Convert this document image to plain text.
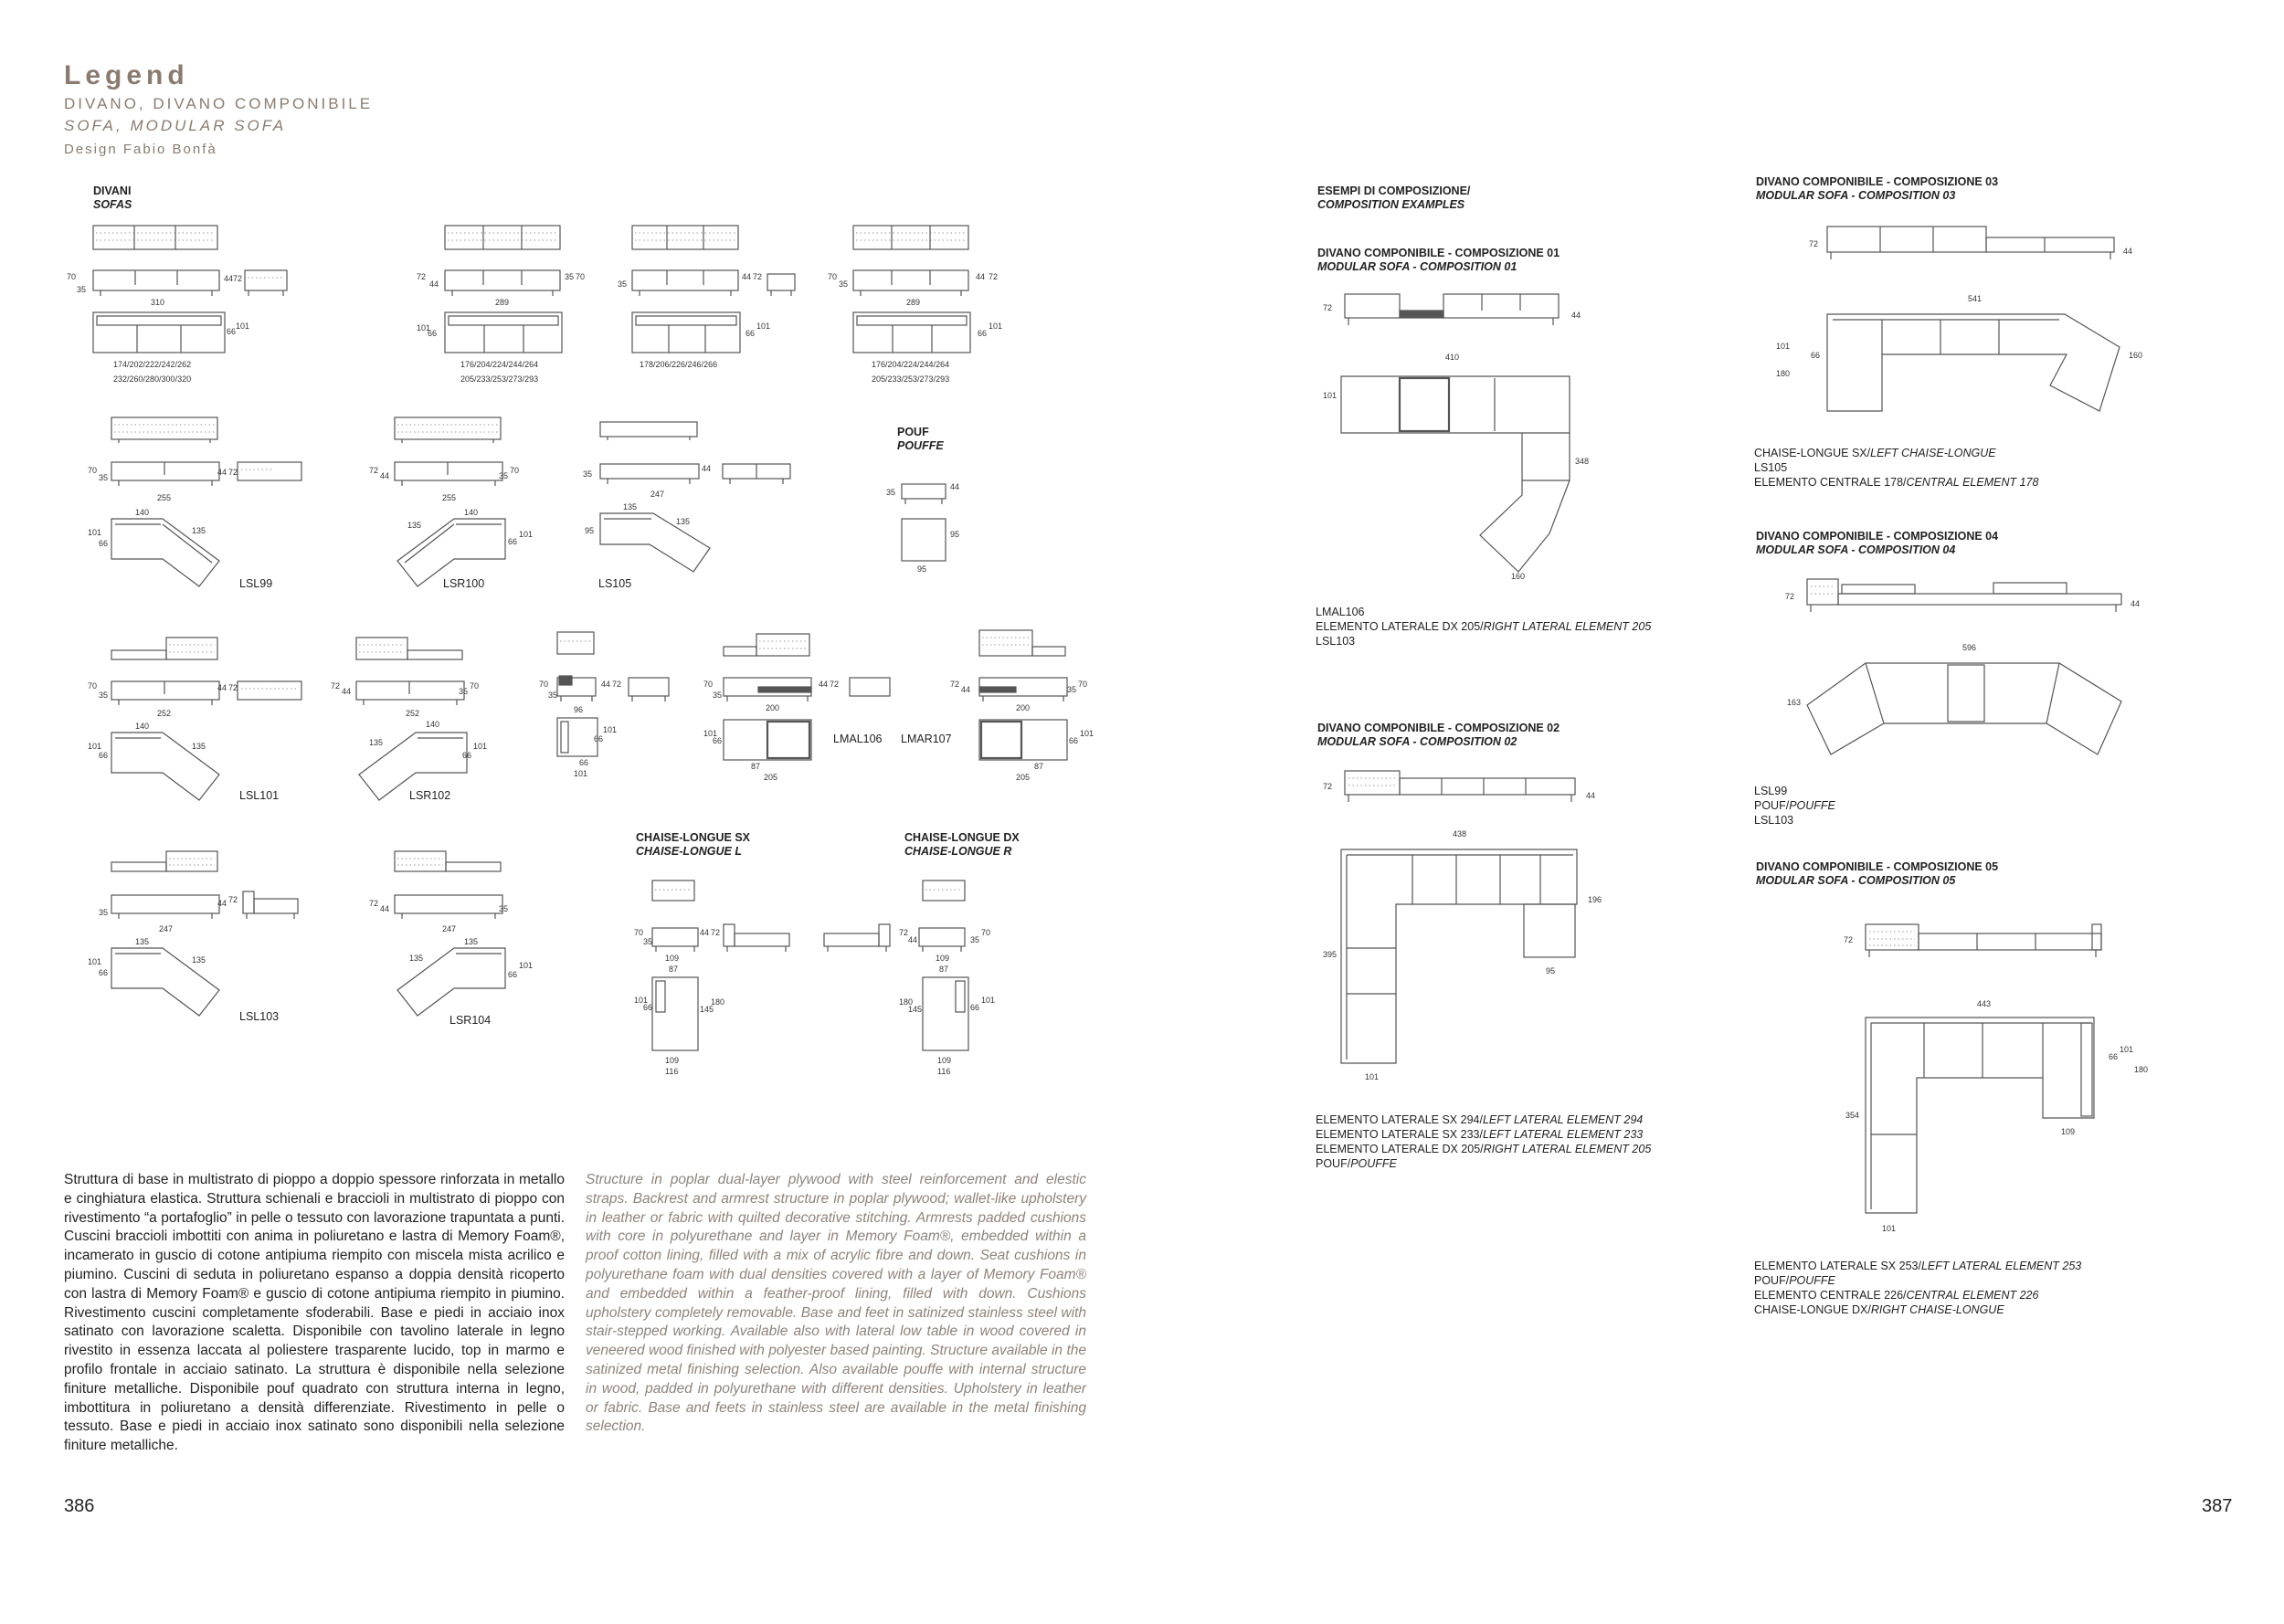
Legend
DIVANO, DIVANO COMPONIBILE
SOFA, MODULAR SOFA
Design Fabio Bonfà
DIVANI
SOFAS
70
35
44 72
310
66
101
174/202/222/242/262
232/260/280/300/320
72
44
35 70
289
101
66
176/204/224/244/264
205/233/253/273/293
35
44 72
66
101
178/206/226/246/266
70
35
44 72
289
66
101
176/204/224/244/264
205/233/253/273/293
70
35
44 72
255
140
135
101
66
LSL99
72
44	35
70
255
140
135
66
101
LSR100
35
44
247
135
135
95
LS105
POUF
POUFFE
35
44
95
95
70
35
44 72
252
140
135
101
66
LSL101
72
44	35
70
252
140
135
66
101
LSR102
70
35
44 72
96
101
66
66
101
70
35
44 72
200
101
66
87
205
LMAL106 LMAR107
72
44	35
70
200
66
101
87
205
35
44 72
247
135
135
101
66
LSL103
72
44	35
247
135
135
66
101
LSR104
CHAISE-LONGUE SX
CHAISE-LONGUE L
70
35
44 72
109
87
101
66	145
180
109
116
CHAISE-LONGUE DX
CHAISE-LONGUE R
72
44	35
70
109
87
180
145	66
101
109
116
Struttura di base in multistrato di pioppo a doppio spessore rinforzata in metallo e cinghiatura elastica. Struttura schienali e braccioli in multistrato di pioppo con rivestimento “a portafoglio” in pelle o tessuto con lavorazione trapuntata a punti. Cuscini braccioli imbottiti con anima in poliuretano e lastra di Memory Foam®, incamerato in guscio di cotone antipiuma riempito con miscela mista acrilico e piumino. Cuscini di seduta in poliuretano espanso a doppia densità ricoperto con lastra di Memory Foam® e guscio di cotone antipiuma riempito in piumino. Rivestimento cuscini completamente sfoderabili. Base e piedi in acciaio inox satinato con lavorazione scaletta. Disponibile con tavolino laterale in legno rivestito in essenza laccata al poliestere trasparente lucido, top in marmo e profilo frontale in acciaio satinato. La struttura è disponibile nella selezione finiture metalliche. Disponibile pouf quadrato con struttura interna in legno, imbottitura in poliuretano a densità differenziate. Rivestimento in pelle o tessuto. Base e piedi in acciaio inox satinato sono disponibili nella selezione finiture metalliche.
Structure in poplar dual-layer plywood with steel reinforcement and elestic straps. Backrest and armrest structure in poplar plywood; wallet-like upholstery in leather or fabric with quilted decorative stitching. Armrests padded cushions with core in polyurethane and layer in Memory Foam®, embedded within a proof cotton lining, filled with a mix of acrylic fibre and down. Seat cushions in polyurethane foam with dual densities covered with a layer of Memory Foam® and embedded within a feather-proof lining, filled with down. Cushions upholstery completely removable. Base and feet in satinized stainless steel with stair-stepped working. Available also with lateral low table in wood covered in veneered wood finished with polyester based painting. Structure available in the satinized metal finishing selection. Also available pouffe with internal structure in wood, padded in polyurethane with different densities. Upholstery in leather or fabric. Base and feets in stainless steel are available in the metal finishing selection.
386	387
ESEMPI DI COMPOSIZIONE/
COMPOSITION EXAMPLES
DIVANO COMPONIBILE - COMPOSIZIONE 01
MODULAR SOFA - COMPOSITION 01
72
44
410
101
348
160
LMAL106
ELEMENTO LATERALE DX 205/RIGHT LATERAL ELEMENT 205
LSL103
DIVANO COMPONIBILE - COMPOSIZIONE 02
MODULAR SOFA - COMPOSITION 02
72
44
438
196
395
95
101
ELEMENTO LATERALE SX 294/LEFT LATERAL ELEMENT 294
ELEMENTO LATERALE SX 233/LEFT LATERAL ELEMENT 233
ELEMENTO LATERALE DX 205/RIGHT LATERAL ELEMENT 205
POUF/POUFFE
DIVANO COMPONIBILE - COMPOSIZIONE 03
MODULAR SOFA - COMPOSITION 03
72
44
541
101
66
180
160
CHAISE-LONGUE SX/LEFT CHAISE-LONGUE
LS105
ELEMENTO CENTRALE 178/CENTRAL ELEMENT 178
DIVANO COMPONIBILE - COMPOSIZIONE 04
MODULAR SOFA - COMPOSITION 04
72
44
596
163
LSL99
POUF/POUFFE
LSL103
DIVANO COMPONIBILE - COMPOSIZIONE 05
MODULAR SOFA - COMPOSITION 05
72
443
66
101
180
354
109
101
ELEMENTO LATERALE SX 253/LEFT LATERAL ELEMENT 253
POUF/POUFFE
ELEMENTO CENTRALE 226/CENTRAL ELEMENT 226
CHAISE-LONGUE DX/RIGHT CHAISE-LONGUE
